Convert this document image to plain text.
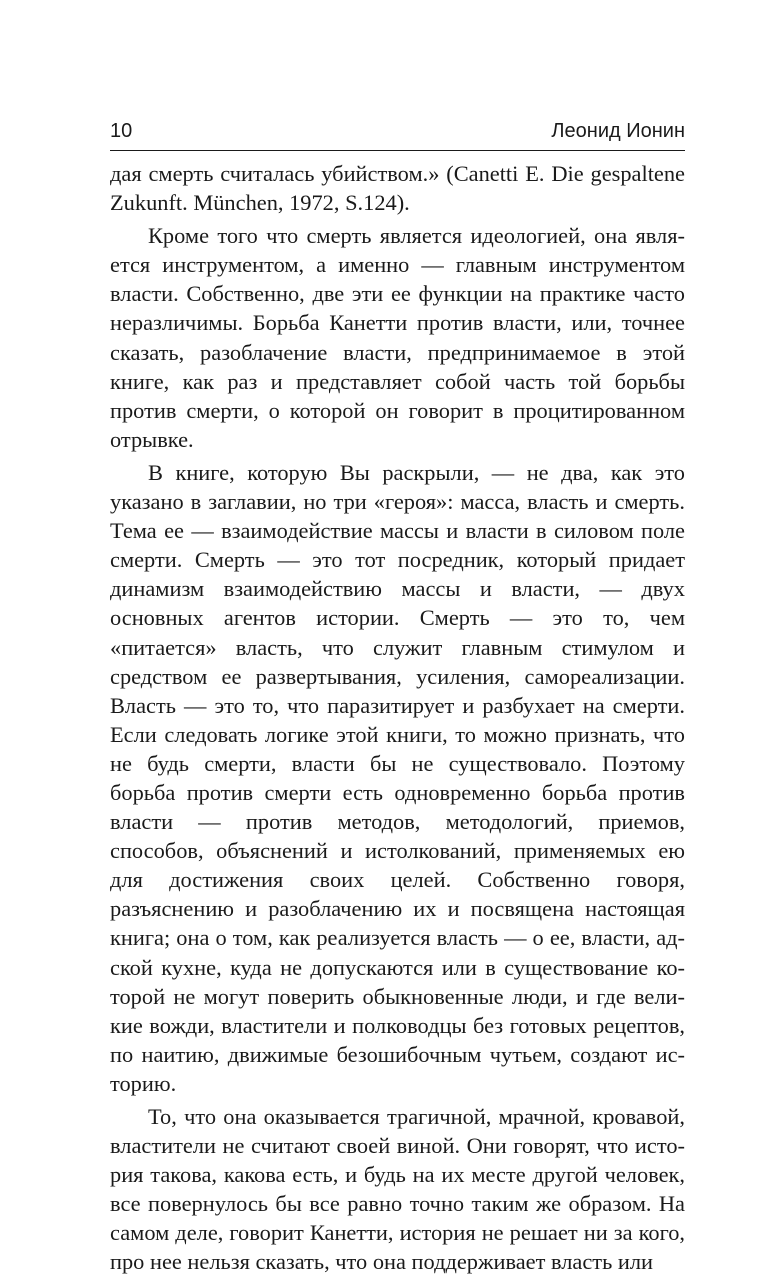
10	Леонид Ионин

дая смерть считалась убийством.» (Canetti E. Die gespaltene Zukunft. München, 1972, S.124).

Кроме того что смерть является идеологией, она является инструментом, а именно — главным инструментом власти. Собственно, две эти ее функции на практике часто неразличимы. Борьба Канетти против власти, или, точнее сказать, разоблачение власти, предпринимаемое в этой книге, как раз и представляет собой часть той борьбы против смерти, о которой он говорит в процитированном отрывке.

В книге, которую Вы раскрыли, — не два, как это указано в заглавии, но три «героя»: масса, власть и смерть. Тема ее — взаимодействие массы и власти в силовом поле смерти. Смерть — это тот посредник, который придает динамизм взаимодействию массы и власти, — двух основных агентов истории. Смерть — это то, чем «питается» власть, что служит главным стимулом и средством ее развертывания, усиления, самореализации. Власть — это то, что паразитирует и разбухает на смерти. Если следовать логике этой книги, то можно признать, что не будь смерти, власти бы не существовало. Поэтому борьба против смерти есть одновременно борьба против власти — против методов, методологий, приемов, способов, объяснений и истолкований, применяемых ею для достижения своих целей. Собственно говоря, разъяснению и разоблачению их и посвящена настоящая книга; она о том, как реализуется власть — о ее, власти, адской кухне, куда не допускаются или в существование которой не могут поверить обыкновенные люди, и где великие вожди, властители и полководцы без готовых рецептов, по наитию, движимые безошибочным чутьем, создают историю.

То, что она оказывается трагичной, мрачной, кровавой, властители не считают своей виной. Они говорят, что история такова, какова есть, и будь на их месте другой человек, все повернулось бы все равно точно таким же образом. На самом деле, говорит Канетти, история не решает ни за кого, про нее нельзя сказать, что она поддерживает власть или
